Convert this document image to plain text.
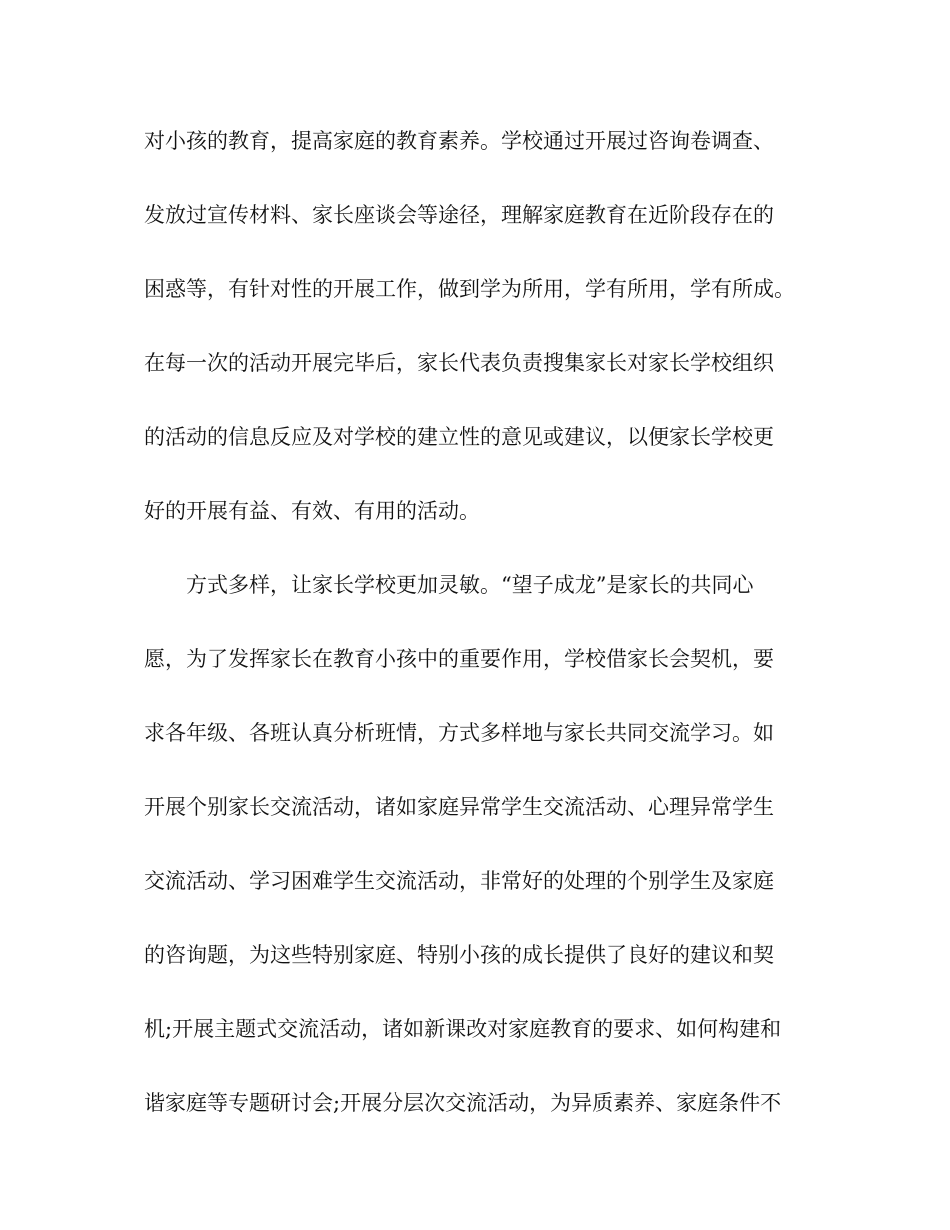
对小孩的教育，提高家庭的教育素养。学校通过开展过咨询卷调查、
发放过宣传材料、家长座谈会等途径，理解家庭教育在近阶段存在的
困惑等，有针对性的开展工作，做到学为所用，学有所用，学有所成。
在每一次的活动开展完毕后，家长代表负责搜集家长对家长学校组织
的活动的信息反应及对学校的建立性的意见或建议，以便家长学校更
好的开展有益、有效、有用的活动。
方式多样，让家长学校更加灵敏。“望子成龙”是家长的共同心
愿，为了发挥家长在教育小孩中的重要作用，学校借家长会契机，要
求各年级、各班认真分析班情，方式多样地与家长共同交流学习。如
开展个别家长交流活动，诸如家庭异常学生交流活动、心理异常学生
交流活动、学习困难学生交流活动，非常好的处理的个别学生及家庭
的咨询题，为这些特别家庭、特别小孩的成长提供了良好的建议和契
机;开展主题式交流活动，诸如新课改对家庭教育的要求、如何构建和
谐家庭等专题研讨会;开展分层次交流活动，为异质素养、家庭条件不
